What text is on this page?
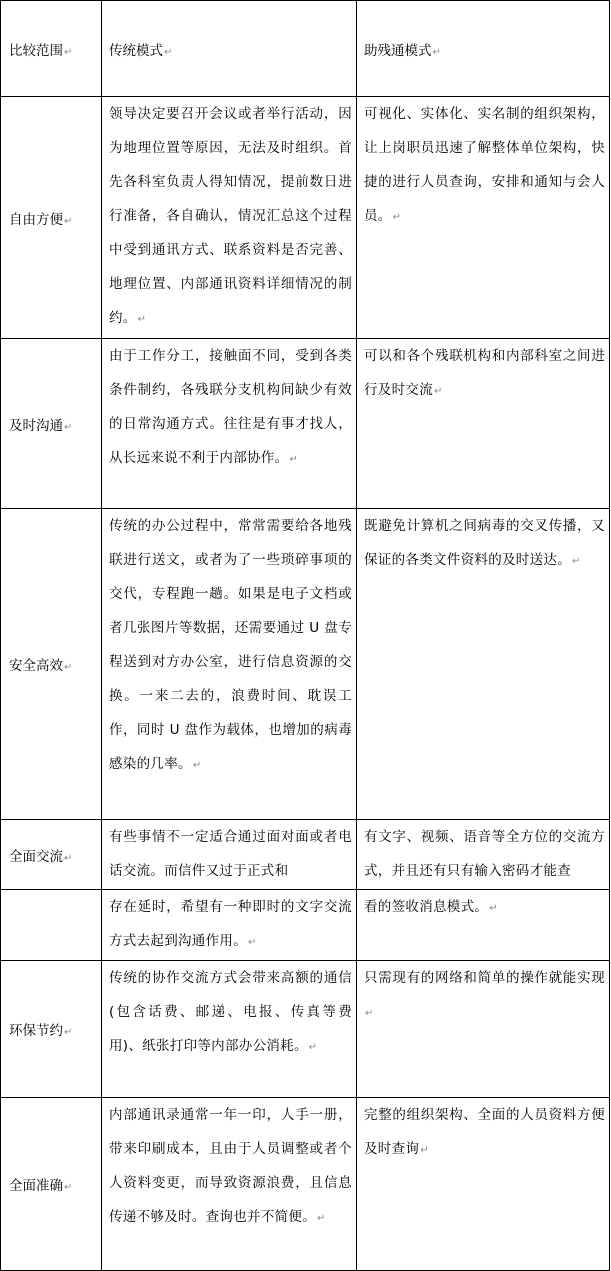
比较范围↵	传统模式↵	助残通模式↵
自由方便↵	领导决定要召开会议或者举行活动，因为地理位置等原因，无法及时组织。首先各科室负责人得知情况，提前数日进行准备，各自确认，情况汇总这个过程中受到通讯方式、联系资料是否完善、地理位置、内部通讯资料详细情况的制约。↵	可视化、实体化、实名制的组织架构，让上岗职员迅速了解整体单位架构，快捷的进行人员查询，安排和通知与会人员。↵

及时沟通↵	由于工作分工，接触面不同，受到各类条件制约，各残联分支机构间缺少有效的日常沟通方式。往往是有事才找人，从长远来说不利于内部协作。↵	可以和各个残联机构和内部科室之间进行及时交流↵

安全高效↵	传统的办公过程中，常常需要给各地残联进行送文，或者为了一些琐碎事项的交代，专程跑一趟。如果是电子文档或者几张图片等数据，还需要通过 U 盘专程送到对方办公室，进行信息资源的交换。一来二去的，浪费时间、耽误工作，同时 U 盘作为载体，也增加的病毒感染的几率。↵	既避免计算机之间病毒的交叉传播，又保证的各类文件资料的及时送达。↵

全面交流↵	有些事情不一定适合通过面对面或者电话交流。而信件又过于正式和	有文字、视频、语音等全方位的交流方式，并且还有只有输入密码才能查

	存在延时，希望有一种即时的文字交流方式去起到沟通作用。↵	看的签收消息模式。↵

环保节约↵	传统的协作交流方式会带来高额的通信(包含话费、邮递、电报、传真等费用)、纸张打印等内部办公消耗。↵	只需现有的网络和简单的操作就能实现↵

全面准确↵	内部通讯录通常一年一印，人手一册，带来印刷成本，且由于人员调整或者个人资料变更，而导致资源浪费，且信息传递不够及时。查询也并不简便。↵	完整的组织架构、全面的人员资料方便及时查询↵
